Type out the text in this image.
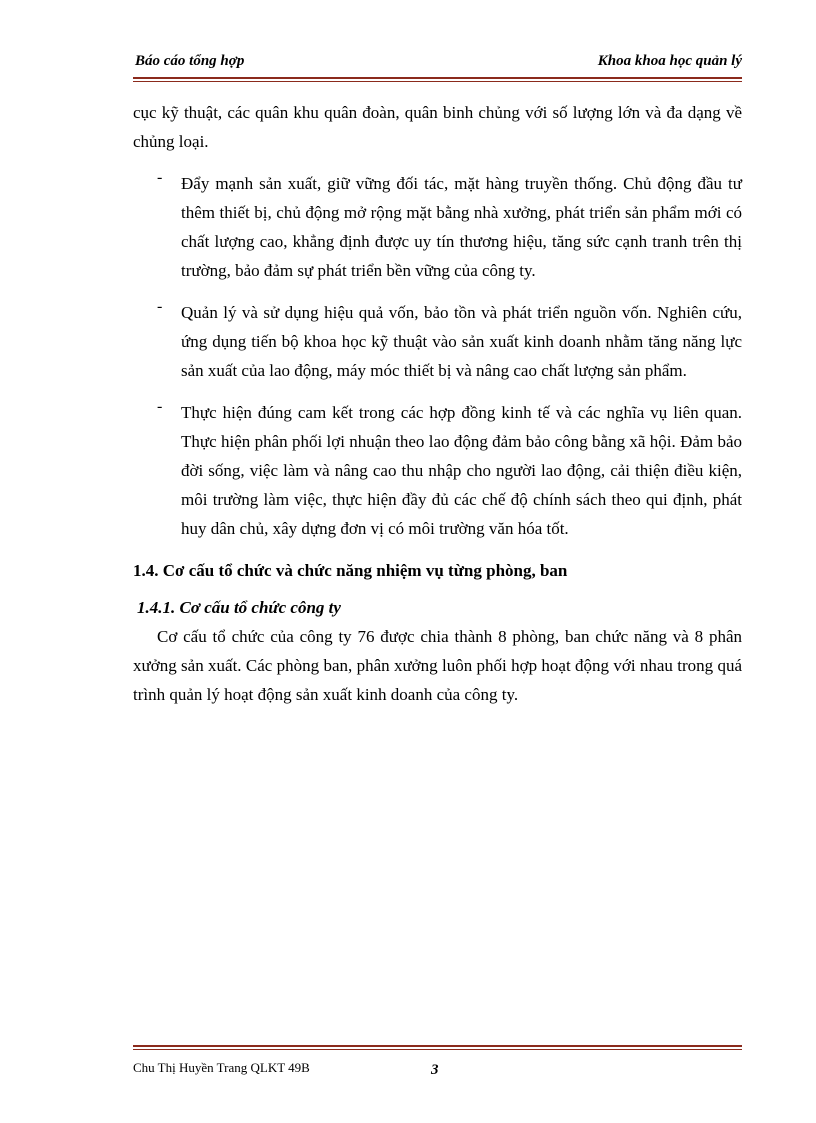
Báo cáo tổng hợp	Khoa khoa học quản lý

cục kỹ thuật, các quân khu quân đoàn, quân binh chủng với số lượng lớn và đa dạng về chủng loại.

- Đẩy mạnh sản xuất, giữ vững đối tác, mặt hàng truyền thống. Chủ động đầu tư thêm thiết bị, chủ động mở rộng mặt bằng nhà xưởng, phát triển sản phẩm mới có chất lượng cao, khẳng định được uy tín thương hiệu, tăng sức cạnh tranh trên thị trường, bảo đảm sự phát triển bền vững của công ty.

- Quản lý và sử dụng hiệu quả vốn, bảo tồn và phát triển nguồn vốn. Nghiên cứu, ứng dụng tiến bộ khoa học kỹ thuật vào sản xuất kinh doanh nhằm tăng năng lực sản xuất của lao động, máy móc thiết bị và nâng cao chất lượng sản phẩm.

- Thực hiện đúng cam kết trong các hợp đồng kinh tế và các nghĩa vụ liên quan. Thực hiện phân phối lợi nhuận theo lao động đảm bảo công bằng xã hội. Đảm bảo đời sống, việc làm và nâng cao thu nhập cho người lao động, cải thiện điều kiện, môi trường làm việc, thực hiện đầy đủ các chế độ chính sách theo qui định, phát huy dân chủ, xây dựng đơn vị có môi trường văn hóa tốt.

1.4. Cơ cấu tổ chức và chức năng nhiệm vụ từng phòng, ban
1.4.1. Cơ cấu tổ chức công ty

Cơ cấu tổ chức của công ty 76 được chia thành 8 phòng, ban chức năng và 8 phân xưởng sản xuất. Các phòng ban, phân xưởng luôn phối hợp hoạt động với nhau trong quá trình quản lý hoạt động sản xuất kinh doanh của công ty.

Chu Thị Huyền Trang QLKT 49B	3
